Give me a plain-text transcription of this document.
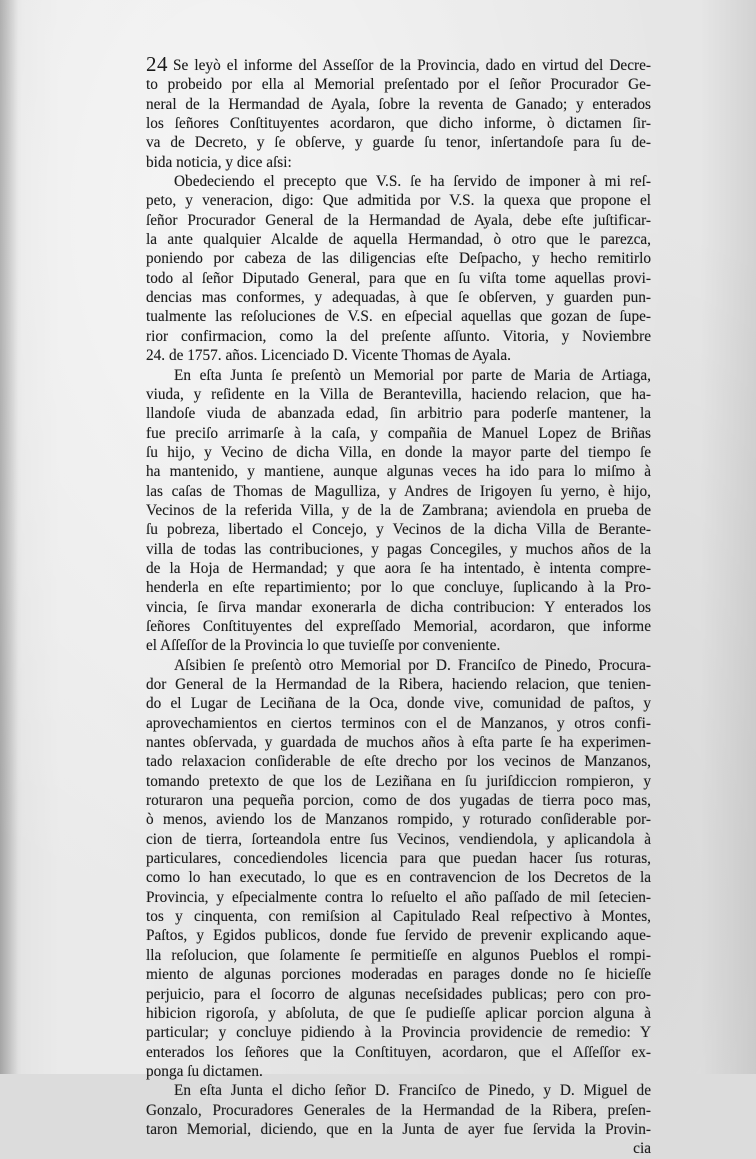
24 Se leyò el informe del Asseſſor de la Provincia, dado en virtud del Decre-
to probeido por ella al Memorial preſentado por el ſeñor Procurador Ge-
neral de la Hermandad de Ayala, ſobre la reventa de Ganado; y enterados
los ſeñores Conſtituyentes acordaron, que dicho informe, ò dictamen ſir-
va de Decreto, y ſe obſerve, y guarde ſu tenor, inſertandoſe para ſu de-
bida noticia, y dice aſsi:
Obedeciendo el precepto que V.S. ſe ha ſervido de imponer à mi reſ-
peto, y veneracion, digo: Que admitida por V.S. la quexa que propone el
ſeñor Procurador General de la Hermandad de Ayala, debe eſte juſtificar-
la ante qualquier Alcalde de aquella Hermandad, ò otro que le parezca,
poniendo por cabeza de las diligencias eſte Deſpacho, y hecho remitirlo
todo al ſeñor Diputado General, para que en ſu viſta tome aquellas provi-
dencias mas conformes, y adequadas, à que ſe obſerven, y guarden pun-
tualmente las reſoluciones de V.S. en eſpecial aquellas que gozan de ſupe-
rior confirmacion, como la del preſente aſſunto. Vitoria, y Noviembre
24. de 1757. años. Licenciado D. Vicente Thomas de Ayala.
En eſta Junta ſe preſentò un Memorial por parte de Maria de Artiaga,
viuda, y reſidente en la Villa de Berantevilla, haciendo relacion, que ha-
llandoſe viuda de abanzada edad, ſin arbitrio para poderſe mantener, la
fue preciſo arrimarſe à la caſa, y compañia de Manuel Lopez de Briñas
ſu hijo, y Vecino de dicha Villa, en donde la mayor parte del tiempo ſe
ha mantenido, y mantiene, aunque algunas veces ha ido para lo miſmo à
las caſas de Thomas de Magulliza, y Andres de Irigoyen ſu yerno, è hijo,
Vecinos de la referida Villa, y de la de Zambrana; aviendola en prueba de
ſu pobreza, libertado el Concejo, y Vecinos de la dicha Villa de Berante-
villa de todas las contribuciones, y pagas Concegiles, y muchos años de la
de la Hoja de Hermandad; y que aora ſe ha intentado, è intenta compre-
henderla en eſte repartimiento; por lo que concluye, ſuplicando à la Pro-
vincia, ſe ſirva mandar exonerarla de dicha contribucion: Y enterados los
ſeñores Conſtituyentes del expreſſado Memorial, acordaron, que informe
el Aſſeſſor de la Provincia lo que tuvieſſe por conveniente.
Aſsibien ſe preſentò otro Memorial por D. Franciſco de Pinedo, Procura-
dor General de la Hermandad de la Ribera, haciendo relacion, que tenien-
do el Lugar de Leciñana de la Oca, donde vive, comunidad de paſtos, y
aprovechamientos en ciertos terminos con el de Manzanos, y otros confi-
nantes obſervada, y guardada de muchos años à eſta parte ſe ha experimen-
tado relaxacion conſiderable de eſte drecho por los vecinos de Manzanos,
tomando pretexto de que los de Leziñana en ſu juriſdiccion rompieron, y
roturaron una pequeña porcion, como de dos yugadas de tierra poco mas,
ò menos, aviendo los de Manzanos rompido, y roturado conſiderable por-
cion de tierra, ſorteandola entre ſus Vecinos, vendiendola, y aplicandola à
particulares, concediendoles licencia para que puedan hacer ſus roturas,
como lo han executado, lo que es en contravencion de los Decretos de la
Provincia, y eſpecialmente contra lo reſuelto el año paſſado de mil ſetecien-
tos y cinquenta, con remiſsion al Capitulado Real reſpectivo à Montes,
Paſtos, y Egidos publicos, donde fue ſervido de prevenir explicando aque-
lla reſolucion, que ſolamente ſe permitieſſe en algunos Pueblos el rompi-
miento de algunas porciones moderadas en parages donde no ſe hicieſſe
perjuicio, para el ſocorro de algunas neceſsidades publicas; pero con pro-
hibicion rigoroſa, y abſoluta, de que ſe pudieſſe aplicar porcion alguna à
particular; y concluye pidiendo à la Provincia providencie de remedio: Y
enterados los ſeñores que la Conſtituyen, acordaron, que el Aſſeſſor ex-
ponga ſu dictamen.
En eſta Junta el dicho ſeñor D. Franciſco de Pinedo, y D. Miguel de
Gonzalo, Procuradores Generales de la Hermandad de la Ribera, preſen-
taron Memorial, diciendo, que en la Junta de ayer fue ſervida la Provin-
cia
